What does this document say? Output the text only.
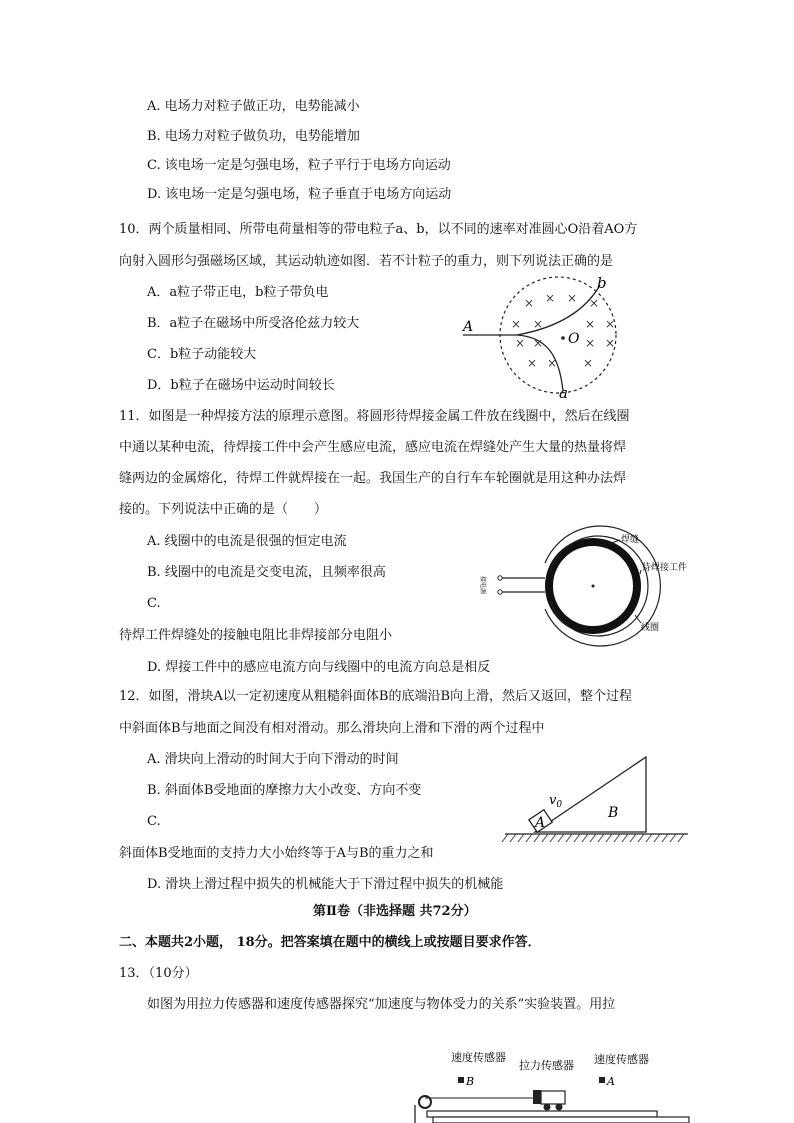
A. 电场力对粒子做正功，电势能减小
B. 电场力对粒子做负功，电势能增加
C. 该电场一定是匀强电场，粒子平行于电场方向运动
D. 该电场一定是匀强电场，粒子垂直于电场方向运动
10．两个质量相同、所带电荷量相等的带电粒子a、b，以不同的速率对准圆心O沿着AO方
向射入圆形匀强磁场区域，其运动轨迹如图．若不计粒子的重力，则下列说法正确的是
A．a粒子带正电，b粒子带负电
B．a粒子在磁场中所受洛伦兹力较大
C．b粒子动能较大
D．b粒子在磁场中运动时间较长
× × × ×
× ×	× ×
× ×	× ×
× × ×
A
O
b
a
11．如图是一种焊接方法的原理示意图。将圆形待焊接金属工件放在线圈中，然后在线圈
中通以某种电流，待焊接工件中会产生感应电流，感应电流在焊缝处产生大量的热量将焊
缝两边的金属熔化，待焊工件就焊接在一起。我国生产的自行车车轮圈就是用这种办法焊
接的。下列说法中正确的是（　　）
A. 线圈中的电流是很强的恒定电流
B. 线圈中的电流是交变电流，且频率很高
C.
待焊工件焊缝处的接触电阻比非焊接部分电阻小
D. 焊接工件中的感应电流方向与线圈中的电流方向总是相反
焊缝
待焊接工件
线圈
接电源
12．如图，滑块A以一定初速度从粗糙斜面体B的底端沿B向上滑，然后又返回，整个过程
中斜面体B与地面之间没有相对滑动。那么滑块向上滑和下滑的两个过程中
A. 滑块向上滑动的时间大于向下滑动的时间
B. 斜面体B受地面的摩擦力大小改变、方向不变
C.
斜面体B受地面的支持力大小始终等于A与B的重力之和
D. 滑块上滑过程中损失的机械能大于下滑过程中损失的机械能
A
B
$v_0$
第Ⅱ卷（非选择题 共72分）
二、本题共2小题， 18分。把答案填在题中的横线上或按题目要求作答．
13．（10分）
如图为用拉力传感器和速度传感器探究“加速度与物体受力的关系”实验装置。用拉
速度传感器
拉力传感器 速度传感器
B	A
